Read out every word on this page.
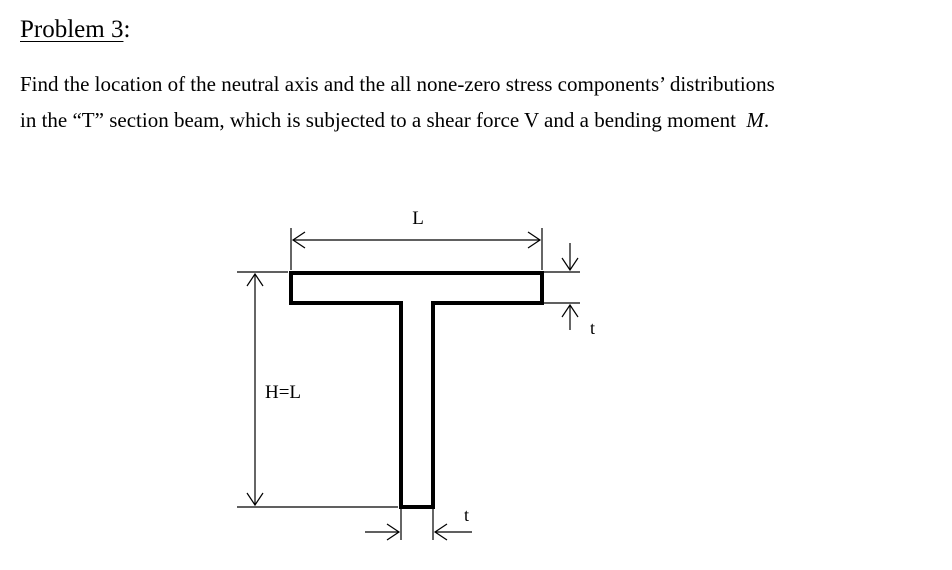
Problem 3:
Find the location of the neutral axis and the all none-zero stress components’ distributions
in the “T” section beam, which is subjected to a shear force V and a bending moment M.
L
H=L
t
t
